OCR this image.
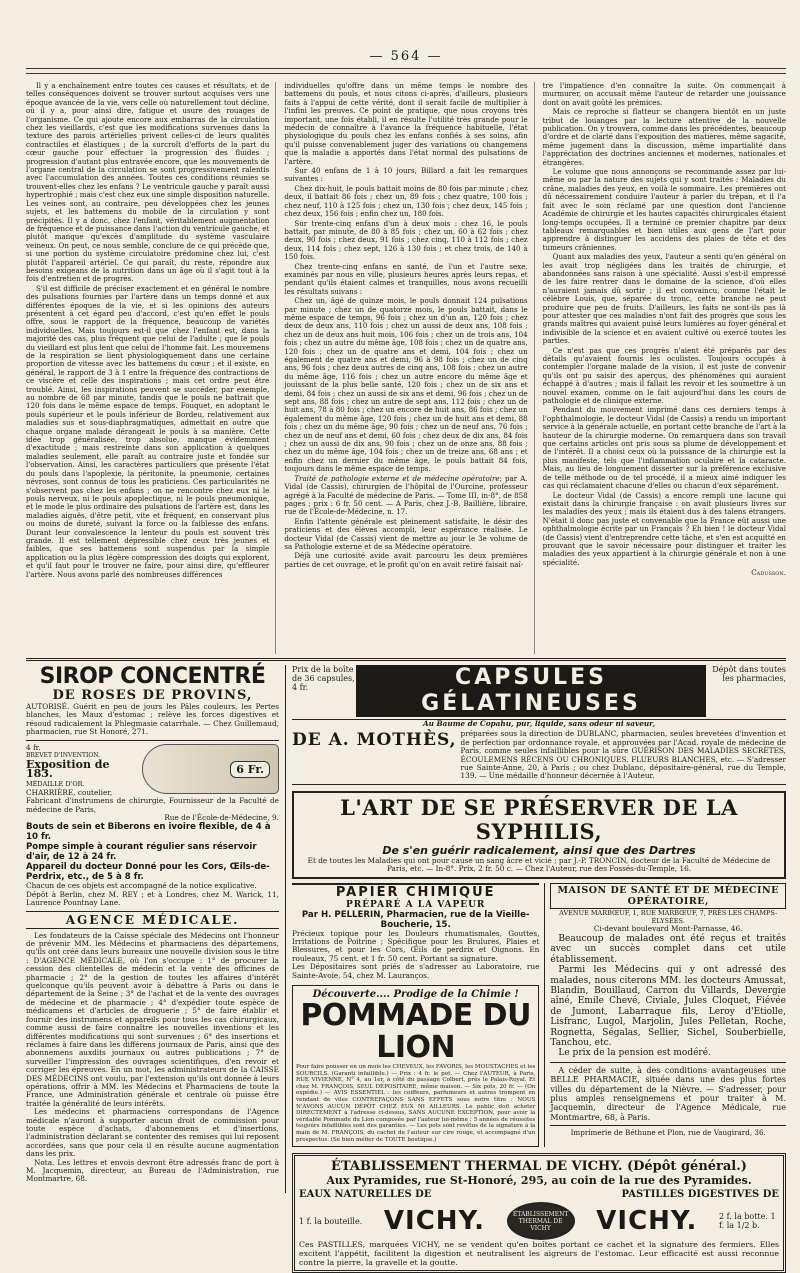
— 564 —

Il y a enchaînement entre toutes ces causes et résultats, et de telles conséquences doivent se trouver surtout acquises vers une époque avancée de la vie, vers celle où naturellement tout décline, où il y a, pour ainsi dire, fatigue et usure des rouages de l'organisme. Ce qui ajoute encore aux embarras de la circulation chez les vieillards, c'est que les modifications survenues dans la texture des parois artérielles privent celles-ci de leurs qualités contractiles et élastiques ; de la surcroît d'efforts de la part du cœur gauche pour effectuer la progression des fluides ; progression d'autant plus entravée encore, que les mouvements de l'organe central de la circulation se sont progressivement ralentis avec l'accumulation des années. Toutes ces conditions réunies se trouvent-elles chez les enfans ? Le ventricule gauche y paraît aussi hypertrophié ; mais c'est chez eux une simple disposition naturelle. Les veines sont, au contraire, peu développées chez les jeunes sujets, et les battemens du mobile de la circulation y sont précipités. Il y a donc, chez l'enfant, véritablement augmentation de fréquence et de puissance dans l'action du ventricule gauche, et plutôt manque qu'excès d'amplitude du système vasculaire veineux. On peut, ce nous semble, conclure de ce qui précède que, si une portion du système circulatoire prédomine chez lui, c'est plutôt l'appareil artériel. Ce qui paraît, du reste, répondre aux besoins exigeans de la nutrition dans un âge où il s'agit tout à la fois d'entretien et de progrès.

S'il est difficile de préciser exactement et en général le nombre des pulsations fournies par l'artère dans un temps donné et aux différentes époques de la vie, et si les opinions des auteurs présentent à cet égard peu d'accord, c'est qu'en effet le pouls offre, sous le rapport de la fréquence, beaucoup de variétés individuelles. Mais toujours est-il que chez l'enfant est, dans la majorité des cas, plus fréquent que celui de l'adulte ; que le pouls du vieillard est plus lent que celui de l'homme fait. Les mouvemens de la respiration se lient physiologiquement dans une certaine proportion de vitesse avec les battemens du cœur ; et il existe, en général, le rapport de 3 à 1 entre la fréquence des contractions de ce viscère et celle des inspirations ; mais cet ordre peut être troublé. Ainsi, les inspirations peuvent se succéder, par exemple, au nombre de 68 par minute, tandis que le pouls ne battrait que 120 fois dans le même espace de temps. Fouquet, en adoptant le pouls supérieur et le pouls inférieur de Bordeu, relativement aux maladies sus et sous-diaphragmatiques, admettait en outre que chaque organe malade dérangeait le pouls à sa manière. Cette idée trop généralisée, trop absolue, manque évidemment d'exactitude ; mais restreinte dans son application à quelques maladies seulement, elle paraît au contraire juste et fondée sur l'observation. Ainsi, les caractères particuliers que présente l'état du pouls dans l'apoplexie, la péritonite, la pneumonie, certaines névroses, sont connus de tous les praticiens. Ces particularités ne s'observent pas chez les enfans ; on ne rencontre chez eux ni le pouls nerveux, ni le pouls apoplectique, ni le pouls pneumonique, et le mode le plus ordinaire des pulsations de l'artère est, dans les maladies aiguës, d'être petit, vite et fréquent, en conservant plus ou moins de dureté, suivant la force ou la faiblesse des enfans. Durant leur convalescence la lenteur du pouls est souvent très grande. Il est tellement dépressible chez ceux très jeunes et faibles, que ses battemens sont suspendus par la simple application ou la plus légère compression des doigts qui explorent, et qu'il faut pour le trouver ne faire, pour ainsi dire, qu'effleurer l'artère. Nous avons parlé des nombreuses différences

individuelles qu'offre dans un même temps le nombre des battemens du pouls, et nous citons ci-après, d'ailleurs, plusieurs faits à l'appui de cette vérité, dont il serait facile de multiplier à l'infini les preuves. Ce point de pratique, que nous croyons très important, une fois établi, il en résulte l'utilité très grande pour le médecin de connaître à l'avance la fréquence habituelle, l'état physiologique du pouls chez les enfans confiés à ses soins, afin qu'il puisse convenablement juger des variations ou changemens que la maladie a apportés dans l'état normal des pulsations de l'artère.

Sur 40 enfans de 1 à 10 jours, Billard a fait les remarques suivantes :

Chez dix-huit, le pouls battait moins de 80 fois par minute ; chez deux, il battait 86 fois ; chez un, 89 fois ; chez quatre, 100 fois ; chez neuf, 110 à 125 fois ; chez un, 130 fois ; chez deux, 145 fois ; chez deux, 156 fois ; enfin chez un, 180 fois.

Sur trente-cinq enfans d'un à deux mois : chez 16, le pouls battait, par minute, de 80 à 85 fois ; chez un, 60 à 62 fois ; chez deux, 90 fois ; chez deux, 91 fois ; chez cinq, 110 à 112 fois ; chez deux, 114 fois ; chez sept, 126 à 130 fois ; et chez trois, de 140 à 150 fois.

Chez trente-cinq enfans en santé, de l'un et l'autre sexe, examinés par nous en ville, plusieurs heures après leurs repas, et pendant qu'ils étaient calmes et tranquilles, nous avons recueilli les résultats suivans :

Chez un, âgé de quinze mois, le pouls donnait 124 pulsations par minute ; chez un de quatorze mois, le pouls battait, dans le même espace de temps, 96 fois ; chez un d'un an, 120 fois ; chez deux de deux ans, 110 fois ; chez un aussi de deux ans, 108 fois ; chez un de deux ans huit mois, 106 fois ; chez un de trois ans, 104 fois ; chez un autre du même âge, 108 fois ; chez un de quatre ans, 120 fois ; chez un de quatre ans et demi, 104 fois ; chez un également de quatre ans et demi, 96 à 98 fois ; chez un de cinq ans, 96 fois ; chez deux autres de cinq ans, 108 fois ; chez un autre du même âge, 116 fois ; chez un autre encore du même âge et jouissant de la plus belle santé, 120 fois ; chez un de six ans et demi, 84 fois ; chez un aussi de six ans et demi, 96 fois ; chez un de sept ans, 88 fois ; chez un autre de sept ans, 112 fois ; chez un de huit ans, 78 à 80 fois ; chez un encore de huit ans, 86 fois ; chez un également du même âge, 120 fois ; chez un de huit ans et demi, 88 fois ; chez un du même âge, 90 fois ; chez un de neuf ans, 76 fois ; chez un de neuf ans et demi, 60 fois ; chez deux de dix ans, 84 fois ; chez un aussi de dix ans, 90 fois ; chez un de onze ans, 88 fois ; chez un du même âge, 104 fois ; chez un de treize ans, 68 ans ; et enfin chez un dernier du même âge, le pouls battait 84 fois, toujours dans le même espace de temps.

Traité de pathologie externe et de médecine opératoire; par A. Vidal (de Cassis), chirurgien de l'hôpital de l'Ourcine, professeur agrégé à la Faculté de médecine de Paris. — Tome III, in-8°, de 858 pages ; prix : 6 fr. 50 cent. — A Paris, chez J.-B. Baillière, libraire, rue de l'École-de-Médecine, n. 17.

Enfin l'attente générale est pleinement satisfaite, le désir des praticiens et des élèves accompli, leur espérance réalisée. Le docteur Vidal (de Cassis) vient de mettre au jour le 3e volume de sa Pathologie externe et de sa Médecine opératoire.

Déjà une curiosité avide avait parcouru les deux premières parties de cet ouvrage, et le profit qu'on en avait retiré faisait naî-

tre l'impatience d'en connaître la suite. On commençait à murmurer, on accusait même l'auteur de retarder une jouissance dont on avait goûté les prémices.

Mais ce reproche si flatteur se changera bientôt en un juste tribut de louanges par la lecture attentive de la nouvelle publication. On y trouvera, comme dans les précédentes, beaucoup d'ordre et de clarté dans l'exposition des matières, même sagacité, même jugement dans la discussion, même impartialité dans l'appréciation des doctrines anciennes et modernes, nationales et étrangères.

Le volume que nous annonçons se recommande assez par lui-même ou par la nature des sujets qui y sont traités : Maladies du crâne, maladies des yeux, en voilà le sommaire. Les premières ont dû nécessairement conduire l'auteur à parler du trépan, et il l'a fait avec le soin réclamé par une question dont l'ancienne Académie de chirurgie et les hautes capacités chirurgicales étaient long-temps occupées. Il a terminé ce premier chapitre par deux tableaux remarquables et bien utiles aux gens de l'art pour apprendre à distinguer les accidens des plaies de tête et des tumeurs crâniennes.

Quant aux maladies des yeux, l'auteur a senti qu'en général on les avait trop négligées dans les traités de chirurgie, et abandonnées sans raison à une spécialité. Aussi s'est-il empressé de les faire rentrer dans le domaine de la science, d'où elles n'auraient jamais dû sortir ; il est convaincu, comme l'était le célèbre Louis, que, séparée du tronc, cette branche ne peut produire que peu de fruits. D'ailleurs, les faits ne sont-ils pas là pour attester que ces maladies n'ont fait des progrès que sous les grands maîtres qui avaient puisé leurs lumières au foyer général et indivisible de la science et en avaient cultivé ou exercé toutes les parties.

Ce n'est pas que ces progrès n'aient été préparés par des détails qu'avaient fournis les oculistes. Toujours occupés à contempler l'organe malade de la vision, il est juste de convenir qu'ils ont pu saisir des aperçus, des phénomènes qui auraient échappé à d'autres ; mais il fallait les revoir et les soumettre à un nouvel examen, comme on le fait aujourd'hui dans les cours de pathologie et de clinique externe.

Pendant du mouvement imprimé dans ces derniers temps à l'ophthalmologie, le docteur Vidal (de Cassis) a rendu un important service à la générale actuelle, en portant cette branche de l'art à la hauteur de la chirurgie moderne. On remarquera dans son travail que certains articles ont pris sous sa plume de développement et de l'intérêt. Il a choisi ceux où la puissance de la chirurgie est la plus manifeste, tels que l'inflammation oculaire et la cataracte. Mais, au lieu de longuement disserter sur la préférence exclusive de telle méthode ou de tel procédé, il a mieux aimé indiquer les cas qui réclamaient chacune d'elles ou chacun d'eux séparément.

Le docteur Vidal (de Cassis) a encore rempli une lacune qui existait dans la chirurgie française : on avait plusieurs livres sur les maladies des yeux ; mais ils étaient dus à des talens étrangers. N'était il donc pas juste et convenable que la France eût aussi une ophthalmologie écrite par un Français ? Eh bien ! le docteur Vidal (de Cassis) vient d'entreprendre cette tâche, et s'en est acquitté en prouvant que le savoir nécessaire pour distinguer et traiter les maladies des yeux appartient à la chirurgie générale et non à une spécialité.

Cadusson.
SIROP CONCENTRÉ
DE ROSES DE PROVINS,

AUTORISÉ. Guérit en peu de jours les Pâles couleurs, les Pertes blanches, les Maux d'estomac ; relève les forces digestives et résoud radicalement la Phlegmasie catarrhale. — Chez Guillemaud, pharmacien, rue St Honoré, 271.

4 fr.
BREVET D'INVENTION.
Exposition de 183.
MÉDAILLE D'OR.
CHARRIÈRE, coutelier,
6 Fr.

Fabricant d'instrumens de chirurgie, Fournisseur de la Faculté de médecine de Paris,

Rue de l'École-de-Médecine, 9.

Bouts de sein et Biberons en ivoire flexible, de 4 à 10 fr.

Pompe simple à courant régulier sans réservoir d'air, de 12 à 24 fr.

Appareil du docteur Donné pour les Cors, Œils-de-Perdrix, etc., de 5 à 8 fr.

Chacun de ces objets est accompagné de la notice explicative.

Dépôt à Berlin, chez M. REY ; et à Londres, chez M. Warick, 11, Laurence Pountnay Lane.

AGENCE MÉDICALE.

Les fondateurs de la Caisse spéciale des Médecins ont l'honneur de prévenir MM. les Médecins et pharmaciens des départemens, qu'ils ont créé dans leurs bureaux une nouvelle division sous le titre : D'AGENCE MÉDICALE, où l'on s'occupe : 1° de procurer la cession des clientelles de médecin et la vente des officines de pharmacie ; 2° de la gestion de toutes les affaires d'intérêt quelconque qu'ils peuvent avoir à débattre à Paris ou dans le département de la Seine ; 3° de l'achat et de la vente des ouvrages de médecine et de pharmacie ; 4° d'expédier toute espèce de médicamens et d'articles de droguerie ; 5° de faire établir et fournir des instrumens et appareils pour tous les cas chirurgicaux, comme aussi de faire connaître les nouvelles inventions et les différentes modifications qui sont survenues ; 6° des insertions et réclames à faire dans les différens journaux de Paris, ainsi que des abonnemens auxdits journaux ou autres publications ; 7° de surveiller l'impression des ouvrages scientifiques, d'en revoir et corriger les épreuves. En un mot, les administrateurs de la CAISSE DES MÉDECINS ont voulu, par l'extension qu'ils ont donnée à leurs opérations, offrir à MM. les Médecins et Pharmaciens de toute la France, une Administration générale et centrale où puisse être traitée la généralité de leurs intérêts.

Les médecins et pharmaciens correspondans de l'Agence médicale n'auront à supporter aucun droit de commission pour toute espèce d'achats, d'abonnemens et d'insertions, l'administration déclarant se contenter des remises qui lui reposent accordées, sans que pour cela il en résulte aucune augmentation dans les prix.

Nota. Les lettres et envois devront être adressés franc de port à M. Jacquemin, directeur, au Bureau de l'Administration, rue Montmartre, 68.

Prix de la boîte de 36 capsules, 4 fr.	CAPSULES GÉLATINEUSES
Dépôt dans toutes les pharmacies,
Au Baume de Copahu, pur, liquide, sans odeur ni saveur,
DE A. MOTHÈS, préparées sous la direction de DUBLANC, pharmacien, seules brevetées d'invention et de perfection par ordonnance royale, et approuvées par l'Acad. royale de médecine de Paris, comme seules infaillibles pour la sûre GUÉRISON DES MALADIES SECRÈTES, ÉCOULEMENS RÉCENS OU CHRONIQUES, FLUEURS BLANCHES, etc. — S'adresser rue Sainte-Anne, 20, à Paris ; ou chez Dublanc, dépositaire-général, rue du Temple, 139. — Une médaille d'honneur décernée à l'Auteur.

L'ART DE SE PRÉSERVER DE LA SYPHILIS,
De s'en guérir radicalement, ainsi que des Dartres

Et de toutes les Maladies qui ont pour cause un sang âcre et vicié ; par J.-P. TRONCIN, docteur de la Faculté de Médecine de Paris, etc. — In-8°. Prix, 2 fr. 50 c. — Chez l'Auteur, rue des Fossés-du-Temple, 16.

PAPIER CHIMIQUE
PRÉPARÉ A LA VAPEUR
Par H. PELLERIN, Pharmacien, rue de la Vieille-Boucherie, 15.

Précieux topique pour les Douleurs rhumatismales, Gouttes, Irritations de Poitrine ; Spécifique pour les Brulures, Plaies et Blessures, et pour les Cors, Œils de perdrix et Oignons. En rouleaux, 75 cent. et 1 fr. 50 cent. Portant sa signature.

Les Dépositaires sont priés de s'adresser au Laboratoire, rue Sainte-Avoie, 54, chez M. Lauranços.

Découverte.... Prodige de la Chimie !
POMMADE DU LION

Pour faire pousser en un mois les CHEVEUX, les FAVORIS, les MOUSTACHES et les SOURCILS. (Garanti infaillible.) — Prix : 4 fr. le pot. — Chez l'AUTEUR, à Paris, RUE VIVIENNE, N° 4, au 1er, à côté du passage Colbert, près le Palais-Royal. Et chez M. FRANÇOIS, SEUL DÉPOSITAIRE, même maison. — Six pots, 20 fr. — (On expédie.) — AVIS ESSENTIEL : les coiffeurs, parfumeurs et autres trompent en vendant de viles CONTREFAÇONS SANS EFFETS sous notre titre : NOUS N'AVONS AUCUN DÉPÔT CHEZ EUX NI AILLEURS. Le public doit acheter DIRECTEMENT à l'adresse ci-dessus, SANS AUCUNE EXCEPTION, pour avoir la véritable Pommade du Lion composée par l'auteur lui-même ; 5 années de réussites toujours infaillibles sont des garanties. — Les pots sont revêtus de la signature à la main de M. FRANÇOIS, du cachet de l'auteur sur cire rouge, et accompagné d'un prospectus. (Se bien méfier de TOUTE boutique.)

MAISON DE SANTÉ ET DE MÉDECINE OPÉRATOIRE,

AVENUE MARBŒUF, 1, RUE MARBŒUF, 7, PRÈS LES CHAMPS-ÉLYSÉES.

Ci-devant boulevard Mont-Parnasse, 46.

Beaucoup de malades ont été reçus et traités avec un succès complet dans cet utile établissement.

Parmi les Médecins qui y ont adressé des malades, nous citerons MM. les docteurs Amussat, Blandin, Bouillaud, Carron du Villards, Devergie aîné, Emile Chevé, Civiale, Jules Cloquet, Fiévée de Jumont, Labarraque fils, Leroy d'Etiolle, Lisfranc, Lugol, Marjolin, Jules Pelletan, Roche, Rognetta, Ségalas, Sellier, Sichel, Souberbielle, Tanchou, etc.

Le prix de la pension est modéré.

A céder de suite, à des conditions avantageuses une BELLE PHARMACIE, située dans une des plus fortes villes du département de la Nièvre. — S'adresser, pour plus amples renseignemens et pour traiter à M. Jacquemin, directeur de l'Agence Médicale, rue Montmartre, 68, à Paris.

Imprimerie de Béthune et Plon, rue de Vaugirard, 36.
ÉTABLISSEMENT THERMAL DE VICHY. (Dépôt général.)
Aux Pyramides, rue St-Honoré, 295, au coin de la rue des Pyramides.
EAUX NATURELLES DE	PASTILLES DIGESTIVES DE
1 f. la bouteille. VICHY.	ÉTABLISSEMENT THERMAL DE VICHY	VICHY.	2 f. la botte. 1 f. la 1/2 b.

Ces PASTILLES, marquées VICHY, ne se vendent qu'en boîtes portant ce cachet et la signature des fermiers. Elles excitent l'appétit, facilitent la digestion et neutralisent les aigreurs de l'estomac. Leur efficacité est aussi reconnue contre la pierre, la gravelle et la goutte.
